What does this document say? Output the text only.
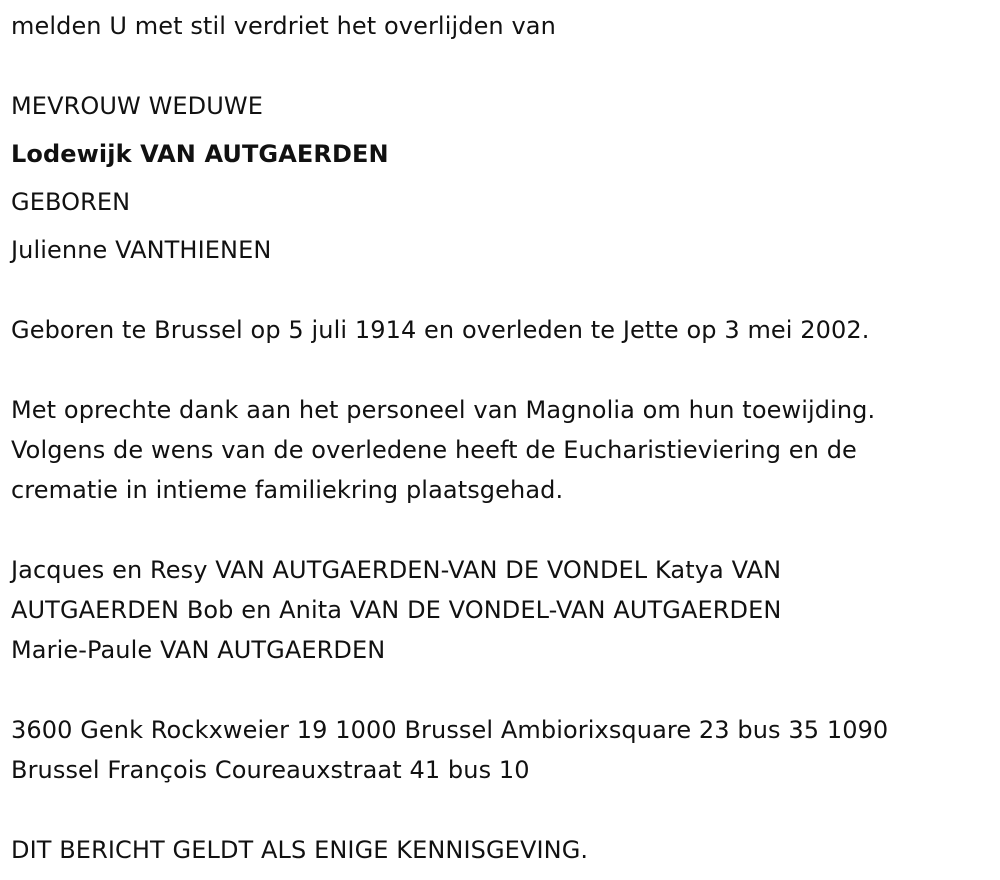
melden U met stil verdriet het overlijden van
MEVROUW WEDUWE
Lodewijk VAN AUTGAERDEN
GEBOREN
Julienne VANTHIENEN
Geboren te Brussel op 5 juli 1914 en overleden te Jette op 3 mei 2002.
Met oprechte dank aan het personeel van Magnolia om hun toewijding.
Volgens de wens van de overledene heeft de Eucharistieviering en de
crematie in intieme familiekring plaatsgehad.
Jacques en Resy VAN AUTGAERDEN-VAN DE VONDEL Katya VAN
AUTGAERDEN Bob en Anita VAN DE VONDEL-VAN AUTGAERDEN
Marie-Paule VAN AUTGAERDEN
3600 Genk Rockxweier 19 1000 Brussel Ambiorixsquare 23 bus 35 1090
Brussel François Coureauxstraat 41 bus 10
DIT BERICHT GELDT ALS ENIGE KENNISGEVING.
